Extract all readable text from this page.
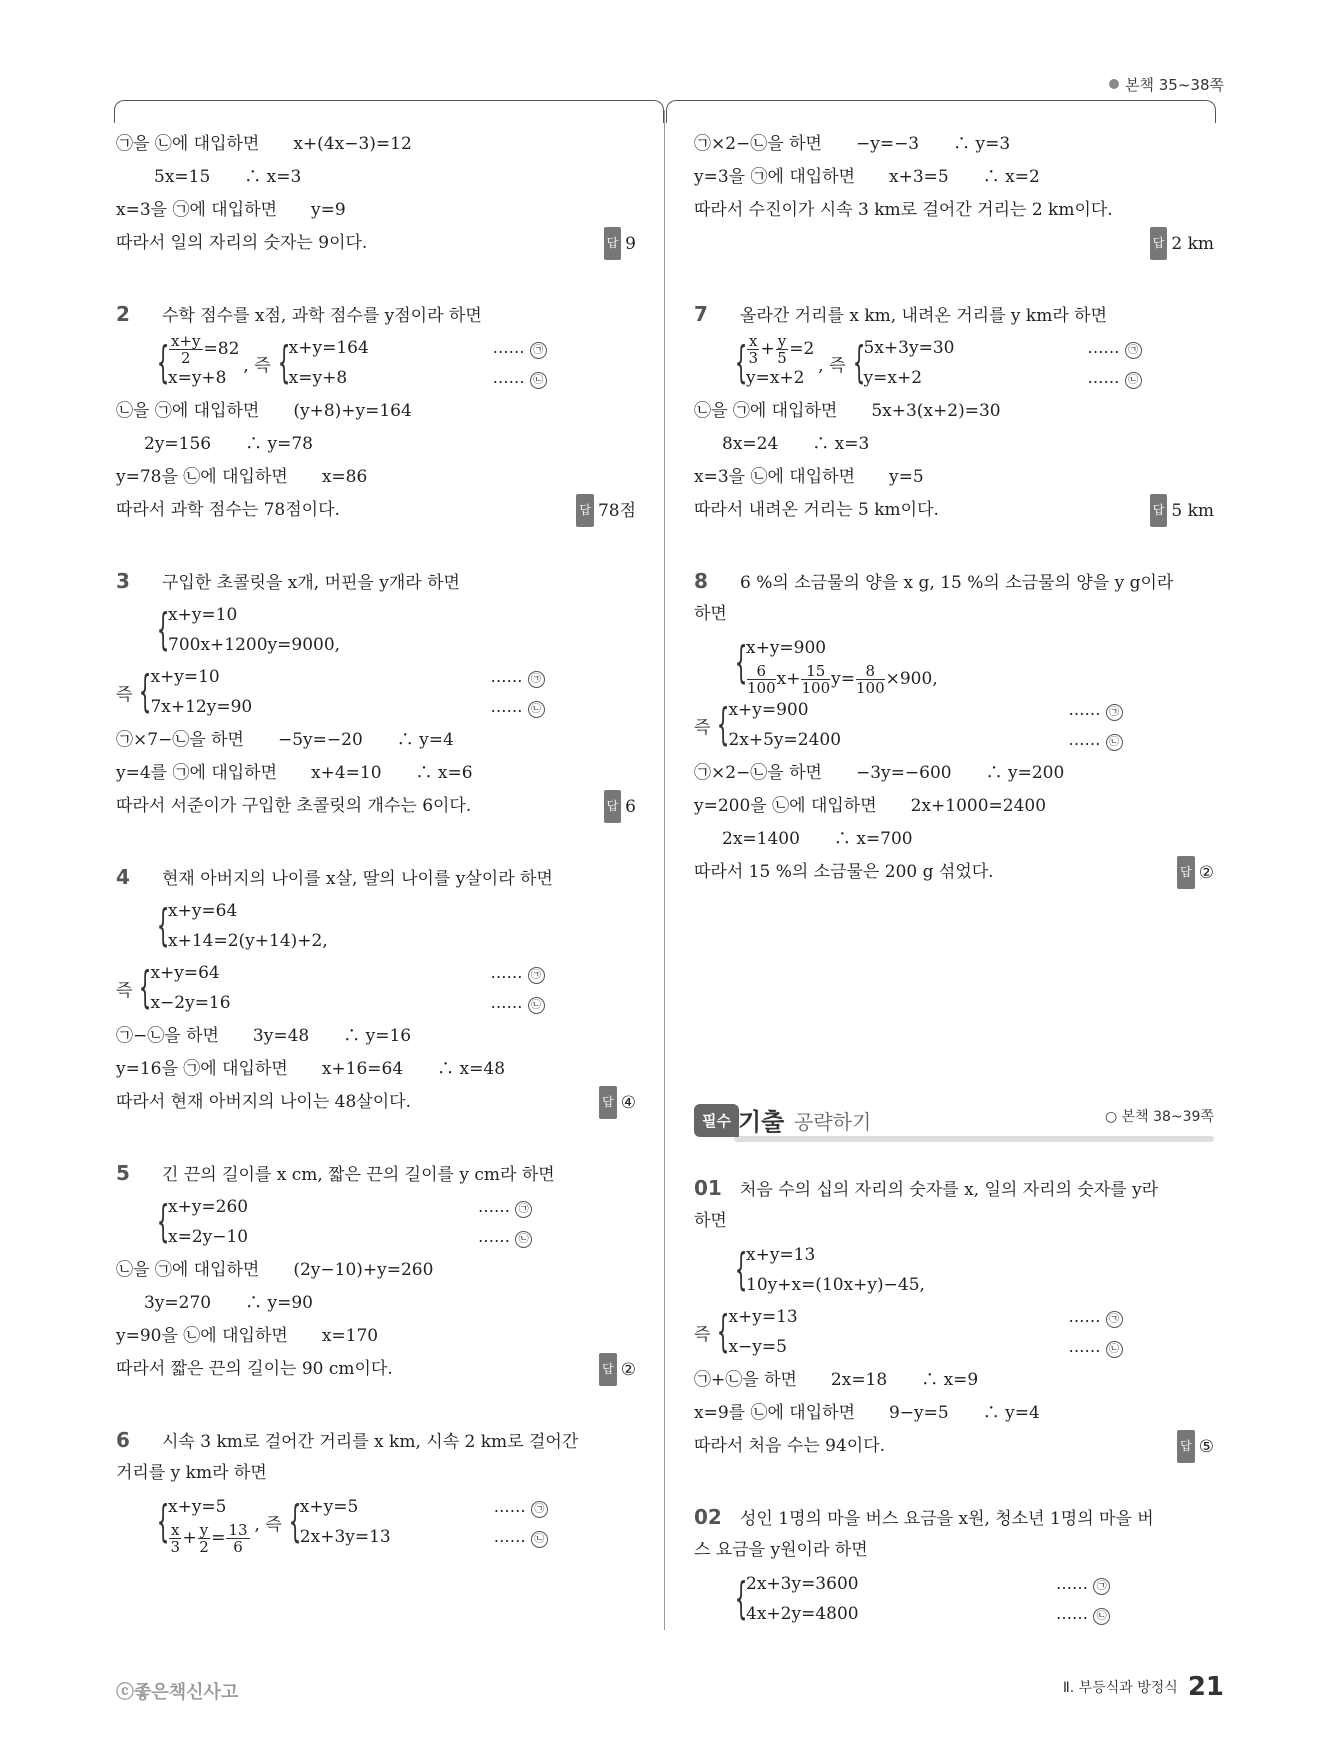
본책 35~38쪽
㉠을 ㉡에 대입하면　　x+(4x−3)=12
5x=15　　∴ x=3
x=3을 ㉠에 대입하면　　y=9
따라서 일의 자리의 숫자는 9이다.	답 9
2 수학 점수를 x점, 과학 점수를 y점이라 하면
{ $\frac{x+y}{2} =82$
x=y+8
, 즉 {
x+y=164	…… ㉠
x=y+8	…… ㉡
㉡을 ㉠에 대입하면　　(y+8)+y=164
2y=156　　∴ y=78
y=78을 ㉡에 대입하면　　x=86
따라서 과학 점수는 78점이다.	답 78점
3 구입한 초콜릿을 x개, 머핀을 y개라 하면
{
x+y=10
700x+1200y=9000,
즉 {
x+y=10	…… ㉠
7x+12y=90	…… ㉡
㉠×7−㉡을 하면　　−5y=−20　　∴ y=4
y=4를 ㉠에 대입하면　　x+4=10　　∴ x=6
따라서 서준이가 구입한 초콜릿의 개수는 6이다.	답 6
4 현재 아버지의 나이를 x살, 딸의 나이를 y살이라 하면
{
x+y=64
x+14=2(y+14)+2,
즉 {
x+y=64	…… ㉠
x−2y=16	…… ㉡
㉠−㉡을 하면　　3y=48　　∴ y=16
y=16을 ㉠에 대입하면　　x+16=64　　∴ x=48
따라서 현재 아버지의 나이는 48살이다.	답 ④
5 긴 끈의 길이를 x cm, 짧은 끈의 길이를 y cm라 하면
{
x+y=260	…… ㉠
x=2y−10	…… ㉡
㉡을 ㉠에 대입하면　　(2y−10)+y=260
3y=270　　∴ y=90
y=90을 ㉡에 대입하면　　x=170
따라서 짧은 끈의 길이는 90 cm이다.	답 ②
6 시속 3 km로 걸어간 거리를 x km, 시속 2 km로 걸어간
거리를 y km라 하면
{
x+y=5
$\frac{x}{3} + \frac{y}{2} = \frac{13}{6}$ , 즉 {
x+y=5	…… ㉠
2x+3y=13	…… ㉡
㉠×2−㉡을 하면　　−y=−3　　∴ y=3
y=3을 ㉠에 대입하면　　x+3=5　　∴ x=2
따라서 수진이가 시속 3 km로 걸어간 거리는 2 km이다.
답 2 km
7 올라간 거리를 x km, 내려온 거리를 y km라 하면
{ $\frac{x}{3} + \frac{y}{5} =2$
y=x+2
, 즉 {
5x+3y=30	…… ㉠
y=x+2	…… ㉡
㉡을 ㉠에 대입하면　　5x+3(x+2)=30
8x=24　　∴ x=3
x=3을 ㉡에 대입하면　　y=5
따라서 내려온 거리는 5 km이다.	답 5 km
8 6 %의 소금물의 양을 x g, 15 %의 소금물의 양을 y g이라
하면
{
x+y=900
$\frac{6}{100} x+ \frac{15}{100} y= \frac{8}{100} \times 900$,
즉 {
x+y=900	…… ㉠
2x+5y=2400	…… ㉡
㉠×2−㉡을 하면　　−3y=−600　　∴ y=200
y=200을 ㉡에 대입하면　　2x+1000=2400
2x=1400　　∴ x=700
따라서 15 %의 소금물은 200 g 섞었다.	답 ②
필수 기출 공략하기	○ 본책 38~39쪽
01 처음 수의 십의 자리의 숫자를 x, 일의 자리의 숫자를 y라
하면
{
x+y=13
10y+x=(10x+y)−45,
즉 {
x+y=13	…… ㉠
x−y=5	…… ㉡
㉠+㉡을 하면　　2x=18　　∴ x=9
x=9를 ㉡에 대입하면　　9−y=5　　∴ y=4
따라서 처음 수는 94이다.	답 ⑤
02 성인 1명의 마을 버스 요금을 x원, 청소년 1명의 마을 버
스 요금을 y원이라 하면
{
2x+3y=3600	…… ㉠
4x+2y=4800	…… ㉡
ⓒ좋은책신사고	Ⅱ. 부등식과 방정식 21
